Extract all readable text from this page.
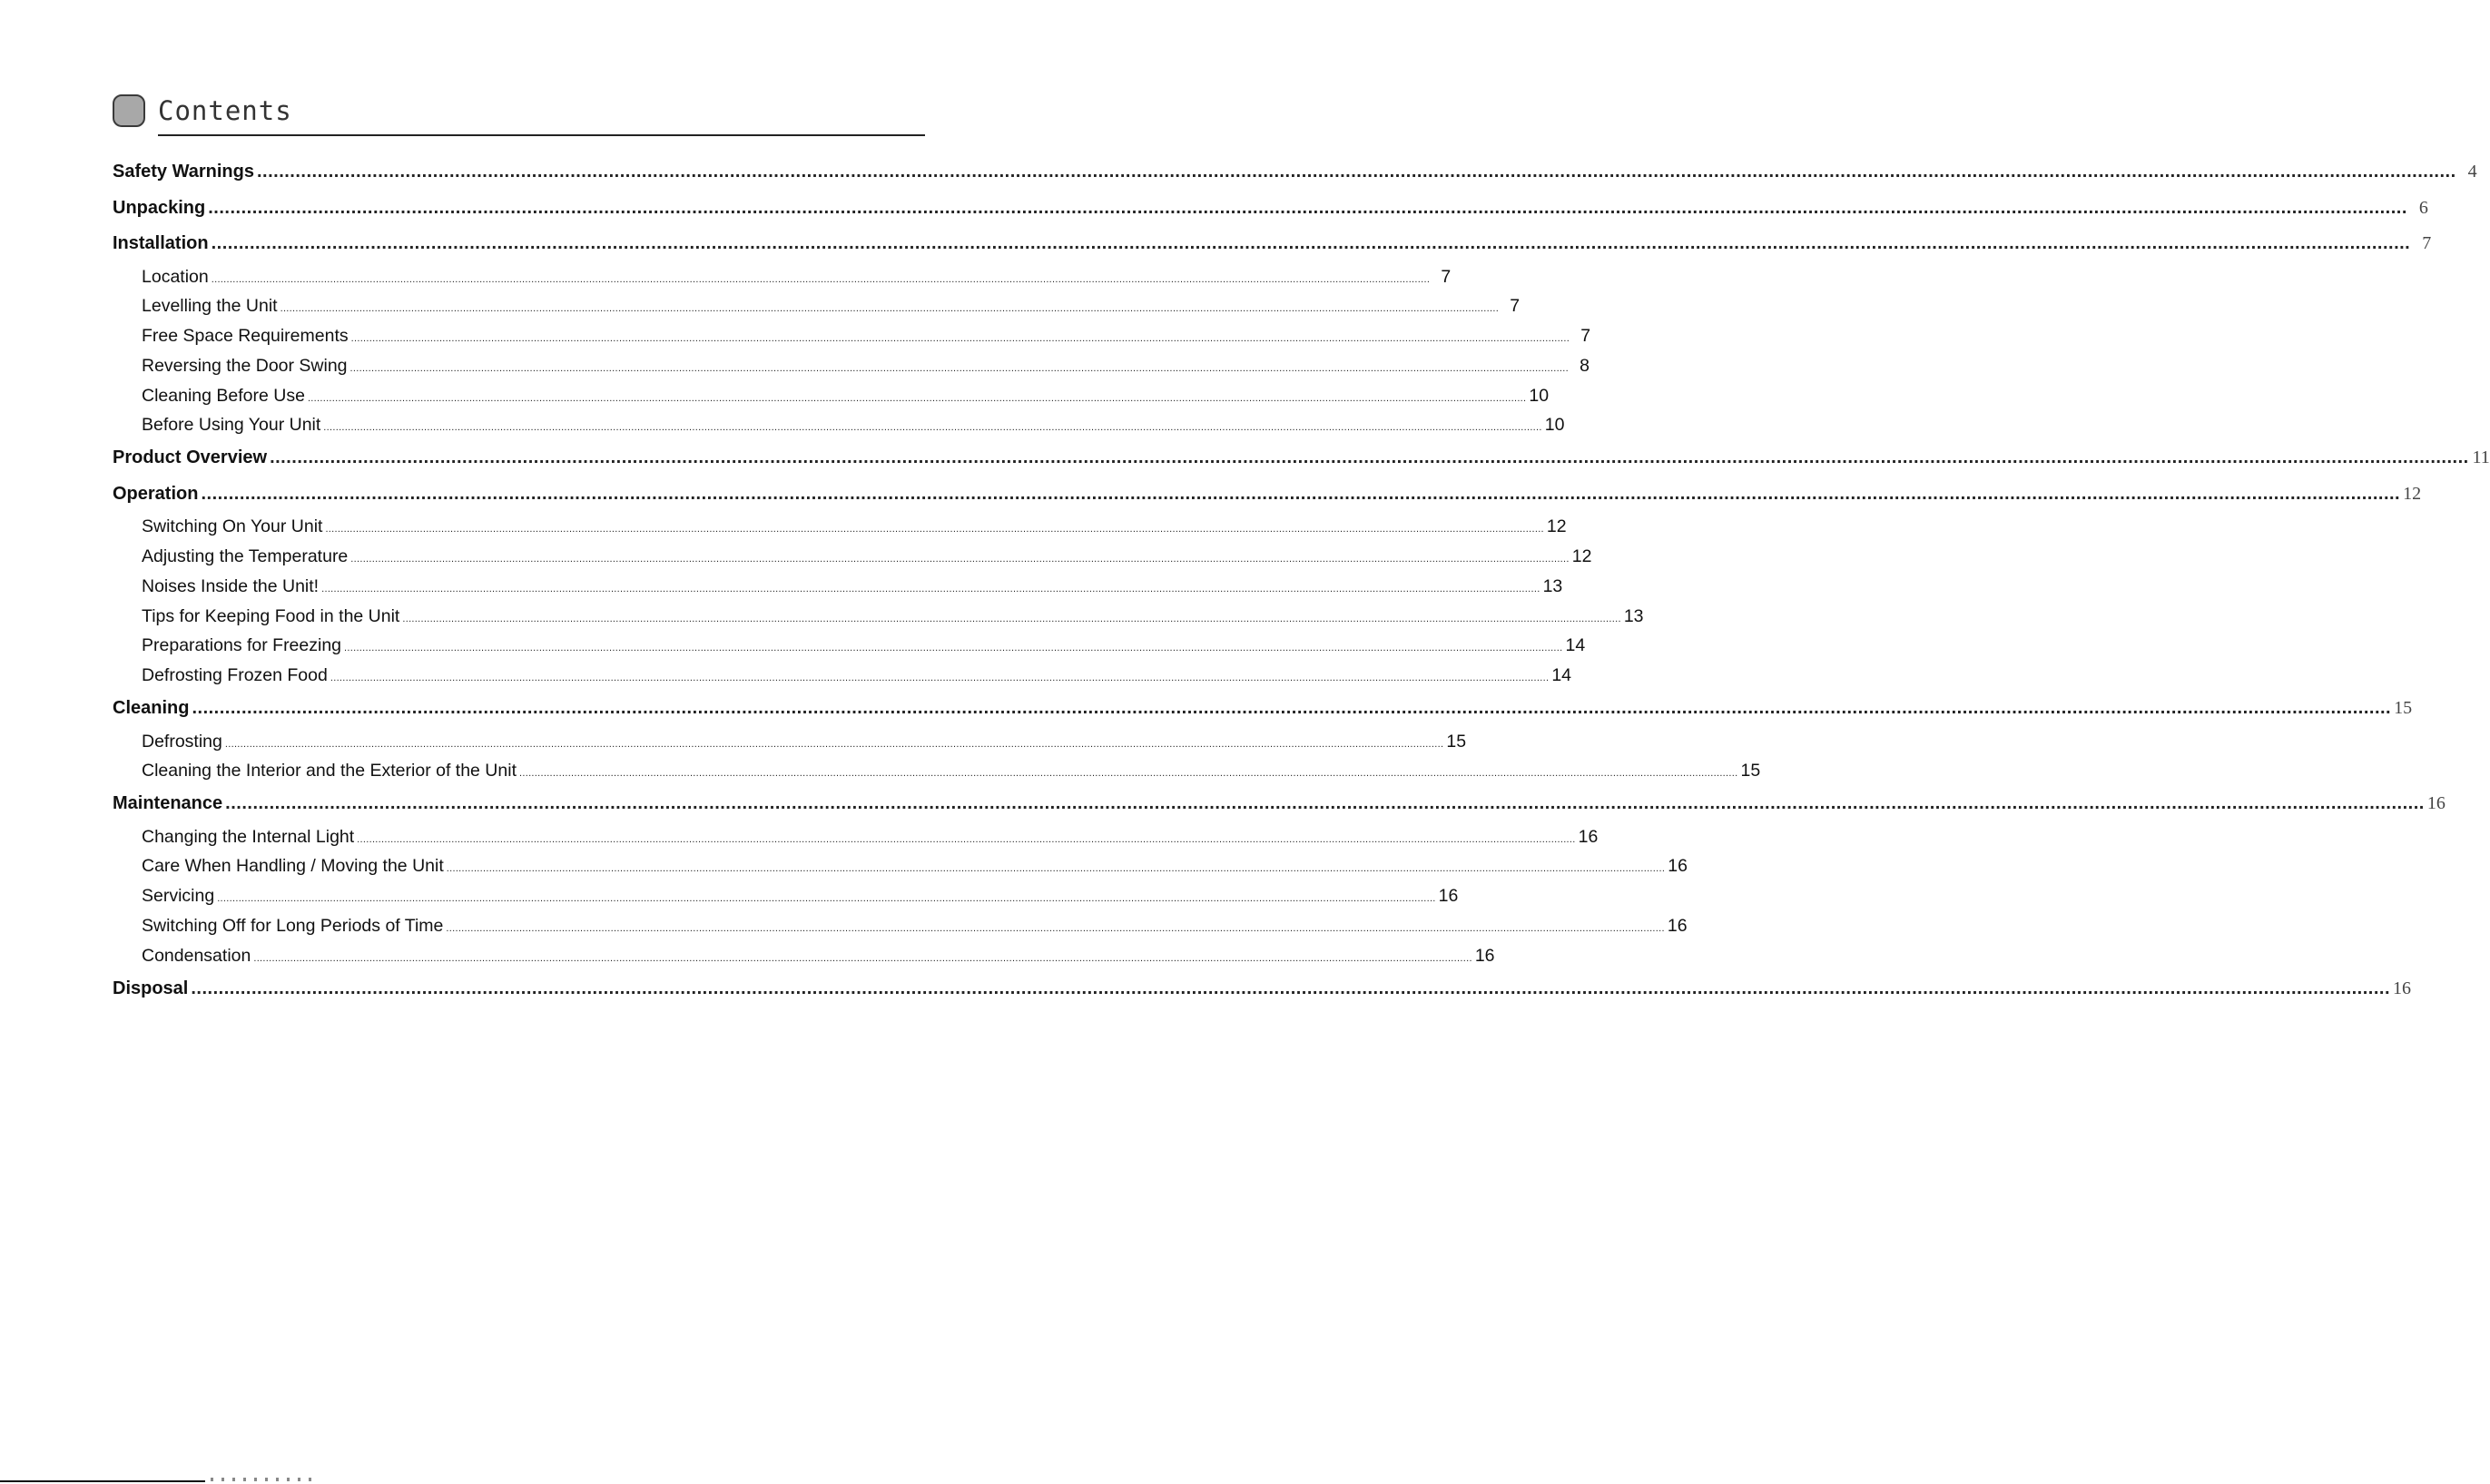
Contents
Safety Warnings ................................................................................................................................................................................................................................................................................................................................................................................................................ 4
Unpacking ................................................................................................................................................................................................................................................................................................................................................................................................................ 6
Installation ................................................................................................................................................................................................................................................................................................................................................................................................................ 7
Location ................................................................................................................................................................................................................................................................................................................................................................................................................ 7
Levelling the Unit ................................................................................................................................................................................................................................................................................................................................................................................................................ 7
Free Space Requirements ................................................................................................................................................................................................................................................................................................................................................................................................................ 7
Reversing the Door Swing ................................................................................................................................................................................................................................................................................................................................................................................................................ 8
Cleaning Before Use ................................................................................................................................................................................................................................................................................................................................................................................................................ 10
Before Using Your Unit ................................................................................................................................................................................................................................................................................................................................................................................................................ 10
Product Overview ................................................................................................................................................................................................................................................................................................................................................................................................................ 11
Operation ................................................................................................................................................................................................................................................................................................................................................................................................................ 12
Switching On Your Unit ................................................................................................................................................................................................................................................................................................................................................................................................................ 12
Adjusting the Temperature ................................................................................................................................................................................................................................................................................................................................................................................................................ 12
Noises Inside the Unit! ................................................................................................................................................................................................................................................................................................................................................................................................................ 13
Tips for Keeping Food in the Unit ................................................................................................................................................................................................................................................................................................................................................................................................................ 13
Preparations for Freezing ................................................................................................................................................................................................................................................................................................................................................................................................................ 14
Defrosting Frozen Food ................................................................................................................................................................................................................................................................................................................................................................................................................ 14
Cleaning ................................................................................................................................................................................................................................................................................................................................................................................................................ 15
Defrosting ................................................................................................................................................................................................................................................................................................................................................................................................................ 15
Cleaning the Interior and the Exterior of the Unit ................................................................................................................................................................................................................................................................................................................................................................................................................ 15
Maintenance ................................................................................................................................................................................................................................................................................................................................................................................................................ 16
Changing the Internal Light ................................................................................................................................................................................................................................................................................................................................................................................................................ 16
Care When Handling / Moving the Unit ................................................................................................................................................................................................................................................................................................................................................................................................................ 16
Servicing ................................................................................................................................................................................................................................................................................................................................................................................................................ 16
Switching Off for Long Periods of Time ................................................................................................................................................................................................................................................................................................................................................................................................................ 16
Condensation ................................................................................................................................................................................................................................................................................................................................................................................................................ 16
Disposal ................................................................................................................................................................................................................................................................................................................................................................................................................ 16
